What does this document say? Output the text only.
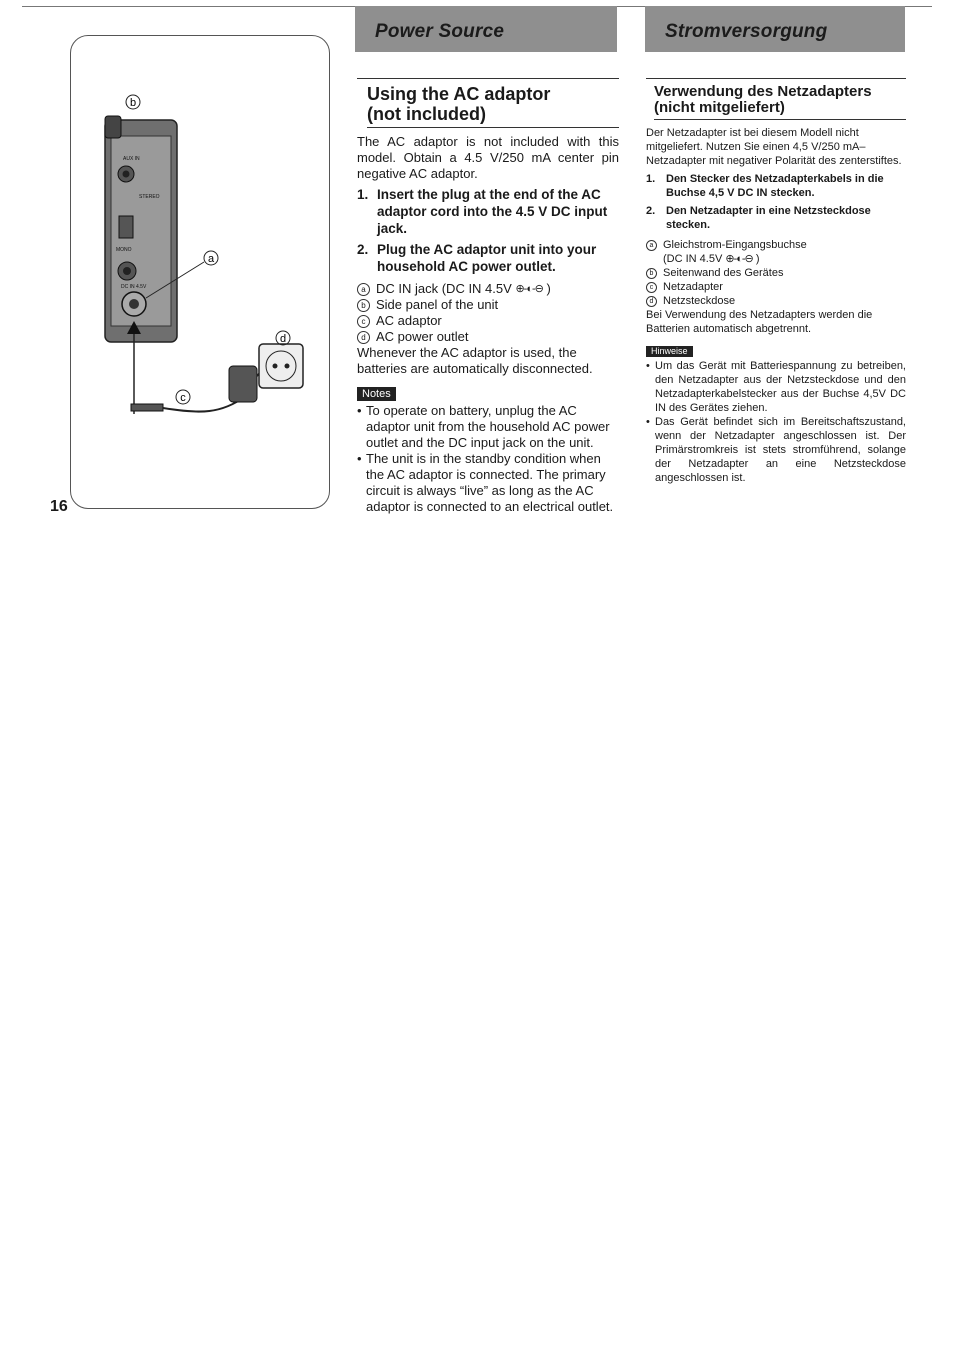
Power Source	Stromversorgung
b
AUX IN
STEREO
MONO
DC IN 4.5V
a
c
d
16
Using the AC adaptor
(not included)

The AC adaptor is not included with this model. Obtain a 4.5 V/250 mA center pin negative AC adaptor.

1. Insert the plug at the end of the AC adaptor cord into the 4.5 V DC input jack.
2. Plug the AC adaptor unit into your household AC power outlet.
a DC IN jack (DC IN 4.5V
⊕-◐-⊖
)
b Side panel of the unit
c AC adaptor
d AC power outlet

Whenever the AC adaptor is used, the batteries are automatically disconnected.

Notes
• To operate on battery, unplug the AC adaptor unit from the household AC power outlet and the DC input jack on the unit.
• The unit is in the standby condition when the AC adaptor is connected. The primary circuit is always “live” as long as the AC adaptor is connected to an electrical outlet.
Verwendung des Netzadapters
(nicht mitgeliefert)

Der Netzadapter ist bei diesem Modell nicht mitgeliefert. Nutzen Sie einen 4,5 V/250 mA–Netzadapter mit negativer Polarität des zenterstiftes.

1. Den Stecker des Netzadapterkabels in die Buchse 4,5 V DC IN stecken.
2. Den Netzadapter in eine Netzsteckdose stecken.
a Gleichstrom-Eingangsbuchse
(DC IN 4.5V
⊕-◐-⊖
)
b Seitenwand des Gerätes
c Netzadapter
d Netzsteckdose

Bei Verwendung des Netzadapters werden die Batterien automatisch abgetrennt.

Hinweise
• Um das Gerät mit Batteriespannung zu betreiben, den Netzadapter aus der Netzsteckdose und den Netzadapterkabelstecker aus der Buchse 4,5V DC IN des Gerätes ziehen.
• Das Gerät befindet sich im Bereitschaftszustand, wenn der Netzadapter angeschlossen ist. Der Primärstromkreis ist stets stromführend, solange der Netzadapter an eine Netzsteckdose angeschlossen ist.
